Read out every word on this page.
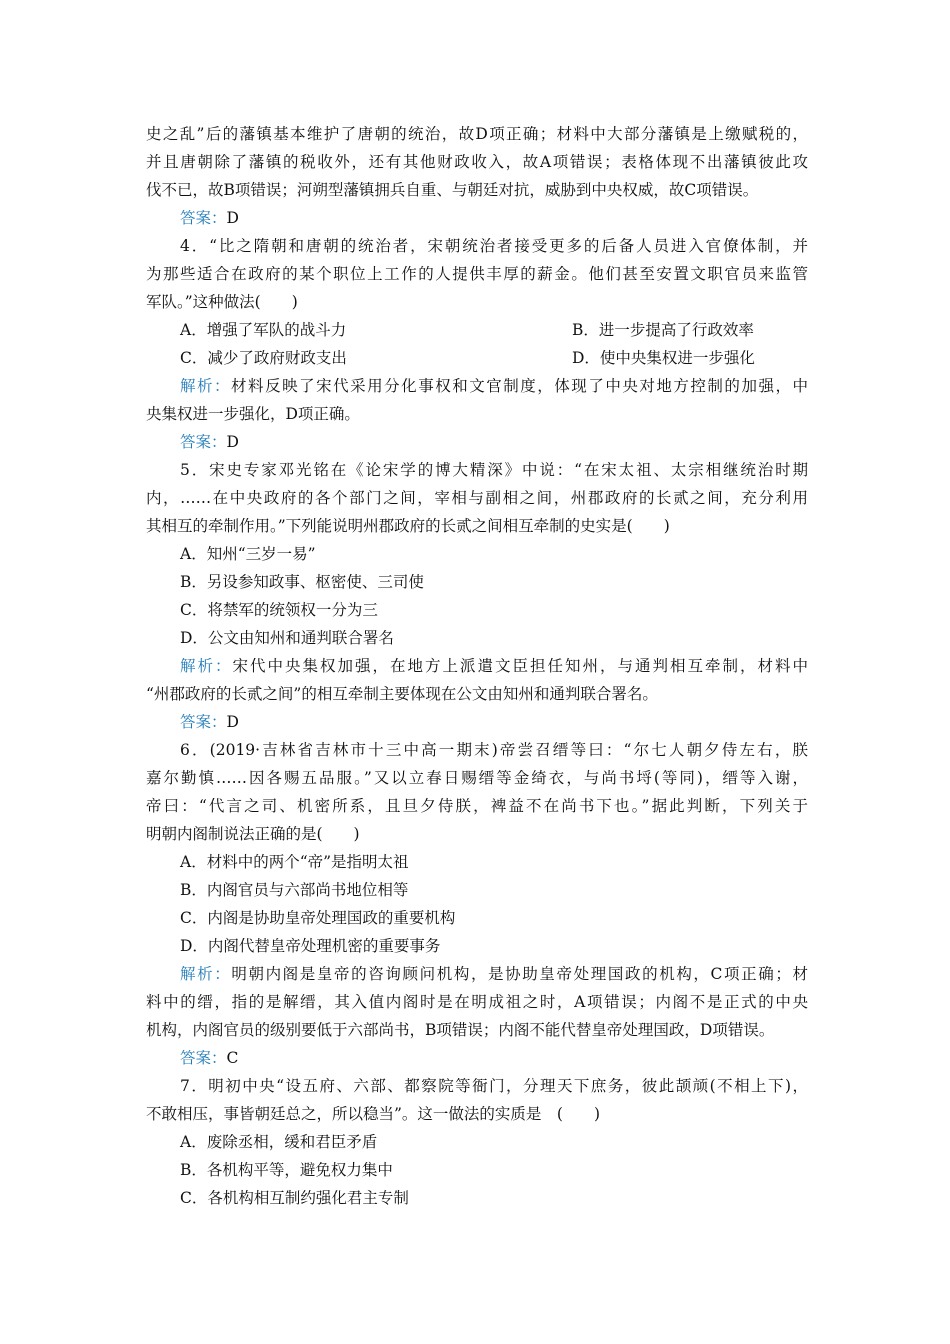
史之乱”后的藩镇基本维护了唐朝的统治，故D项正确；材料中大部分藩镇是上缴赋税的，
并且唐朝除了藩镇的税收外，还有其他财政收入，故A项错误；表格体现不出藩镇彼此攻
伐不已，故B项错误；河朔型藩镇拥兵自重、与朝廷对抗，威胁到中央权威，故C项错误。
答案：D
4．“比之隋朝和唐朝的统治者，宋朝统治者接受更多的后备人员进入官僚体制，并
为那些适合在政府的某个职位上工作的人提供丰厚的薪金。他们甚至安置文职官员来监管
军队。”这种做法(　　)
A．增强了军队的战斗力	B．进一步提高了行政效率
C．减少了政府财政支出	D．使中央集权进一步强化
解析：材料反映了宋代采用分化事权和文官制度，体现了中央对地方控制的加强，中
央集权进一步强化，D项正确。
答案：D
5．宋史专家邓光铭在《论宋学的博大精深》中说：“在宋太祖、太宗相继统治时期
内，……在中央政府的各个部门之间，宰相与副相之间，州郡政府的长贰之间，充分利用
其相互的牵制作用。”下列能说明州郡政府的长贰之间相互牵制的史实是(　　)
A．知州“三岁一易”
B．另设参知政事、枢密使、三司使
C．将禁军的统领权一分为三
D．公文由知州和通判联合署名
解析：宋代中央集权加强，在地方上派遣文臣担任知州，与通判相互牵制，材料中
“州郡政府的长贰之间”的相互牵制主要体现在公文由知州和通判联合署名。
答案：D
6．(2019·吉林省吉林市十三中高一期末)帝尝召缙等曰：“尔七人朝夕侍左右，朕
嘉尔勤慎……因各赐五品服。”又以立春日赐缙等金绮衣，与尚书埒(等同)，缙等入谢，
帝曰：“代言之司、机密所系，且旦夕侍朕，裨益不在尚书下也。”据此判断，下列关于
明朝内阁制说法正确的是(　　)
A．材料中的两个“帝”是指明太祖
B．内阁官员与六部尚书地位相等
C．内阁是协助皇帝处理国政的重要机构
D．内阁代替皇帝处理机密的重要事务
解析：明朝内阁是皇帝的咨询顾问机构，是协助皇帝处理国政的机构，C项正确；材
料中的缙，指的是解缙，其入值内阁时是在明成祖之时，A项错误；内阁不是正式的中央
机构，内阁官员的级别要低于六部尚书，B项错误；内阁不能代替皇帝处理国政，D项错误。
答案：C
7．明初中央“设五府、六部、都察院等衙门，分理天下庶务，彼此颉颃(不相上下)，
不敢相压，事皆朝廷总之，所以稳当”。这一做法的实质是　(　　)
A．废除丞相，缓和君臣矛盾
B．各机构平等，避免权力集中
C．各机构相互制约强化君主专制
